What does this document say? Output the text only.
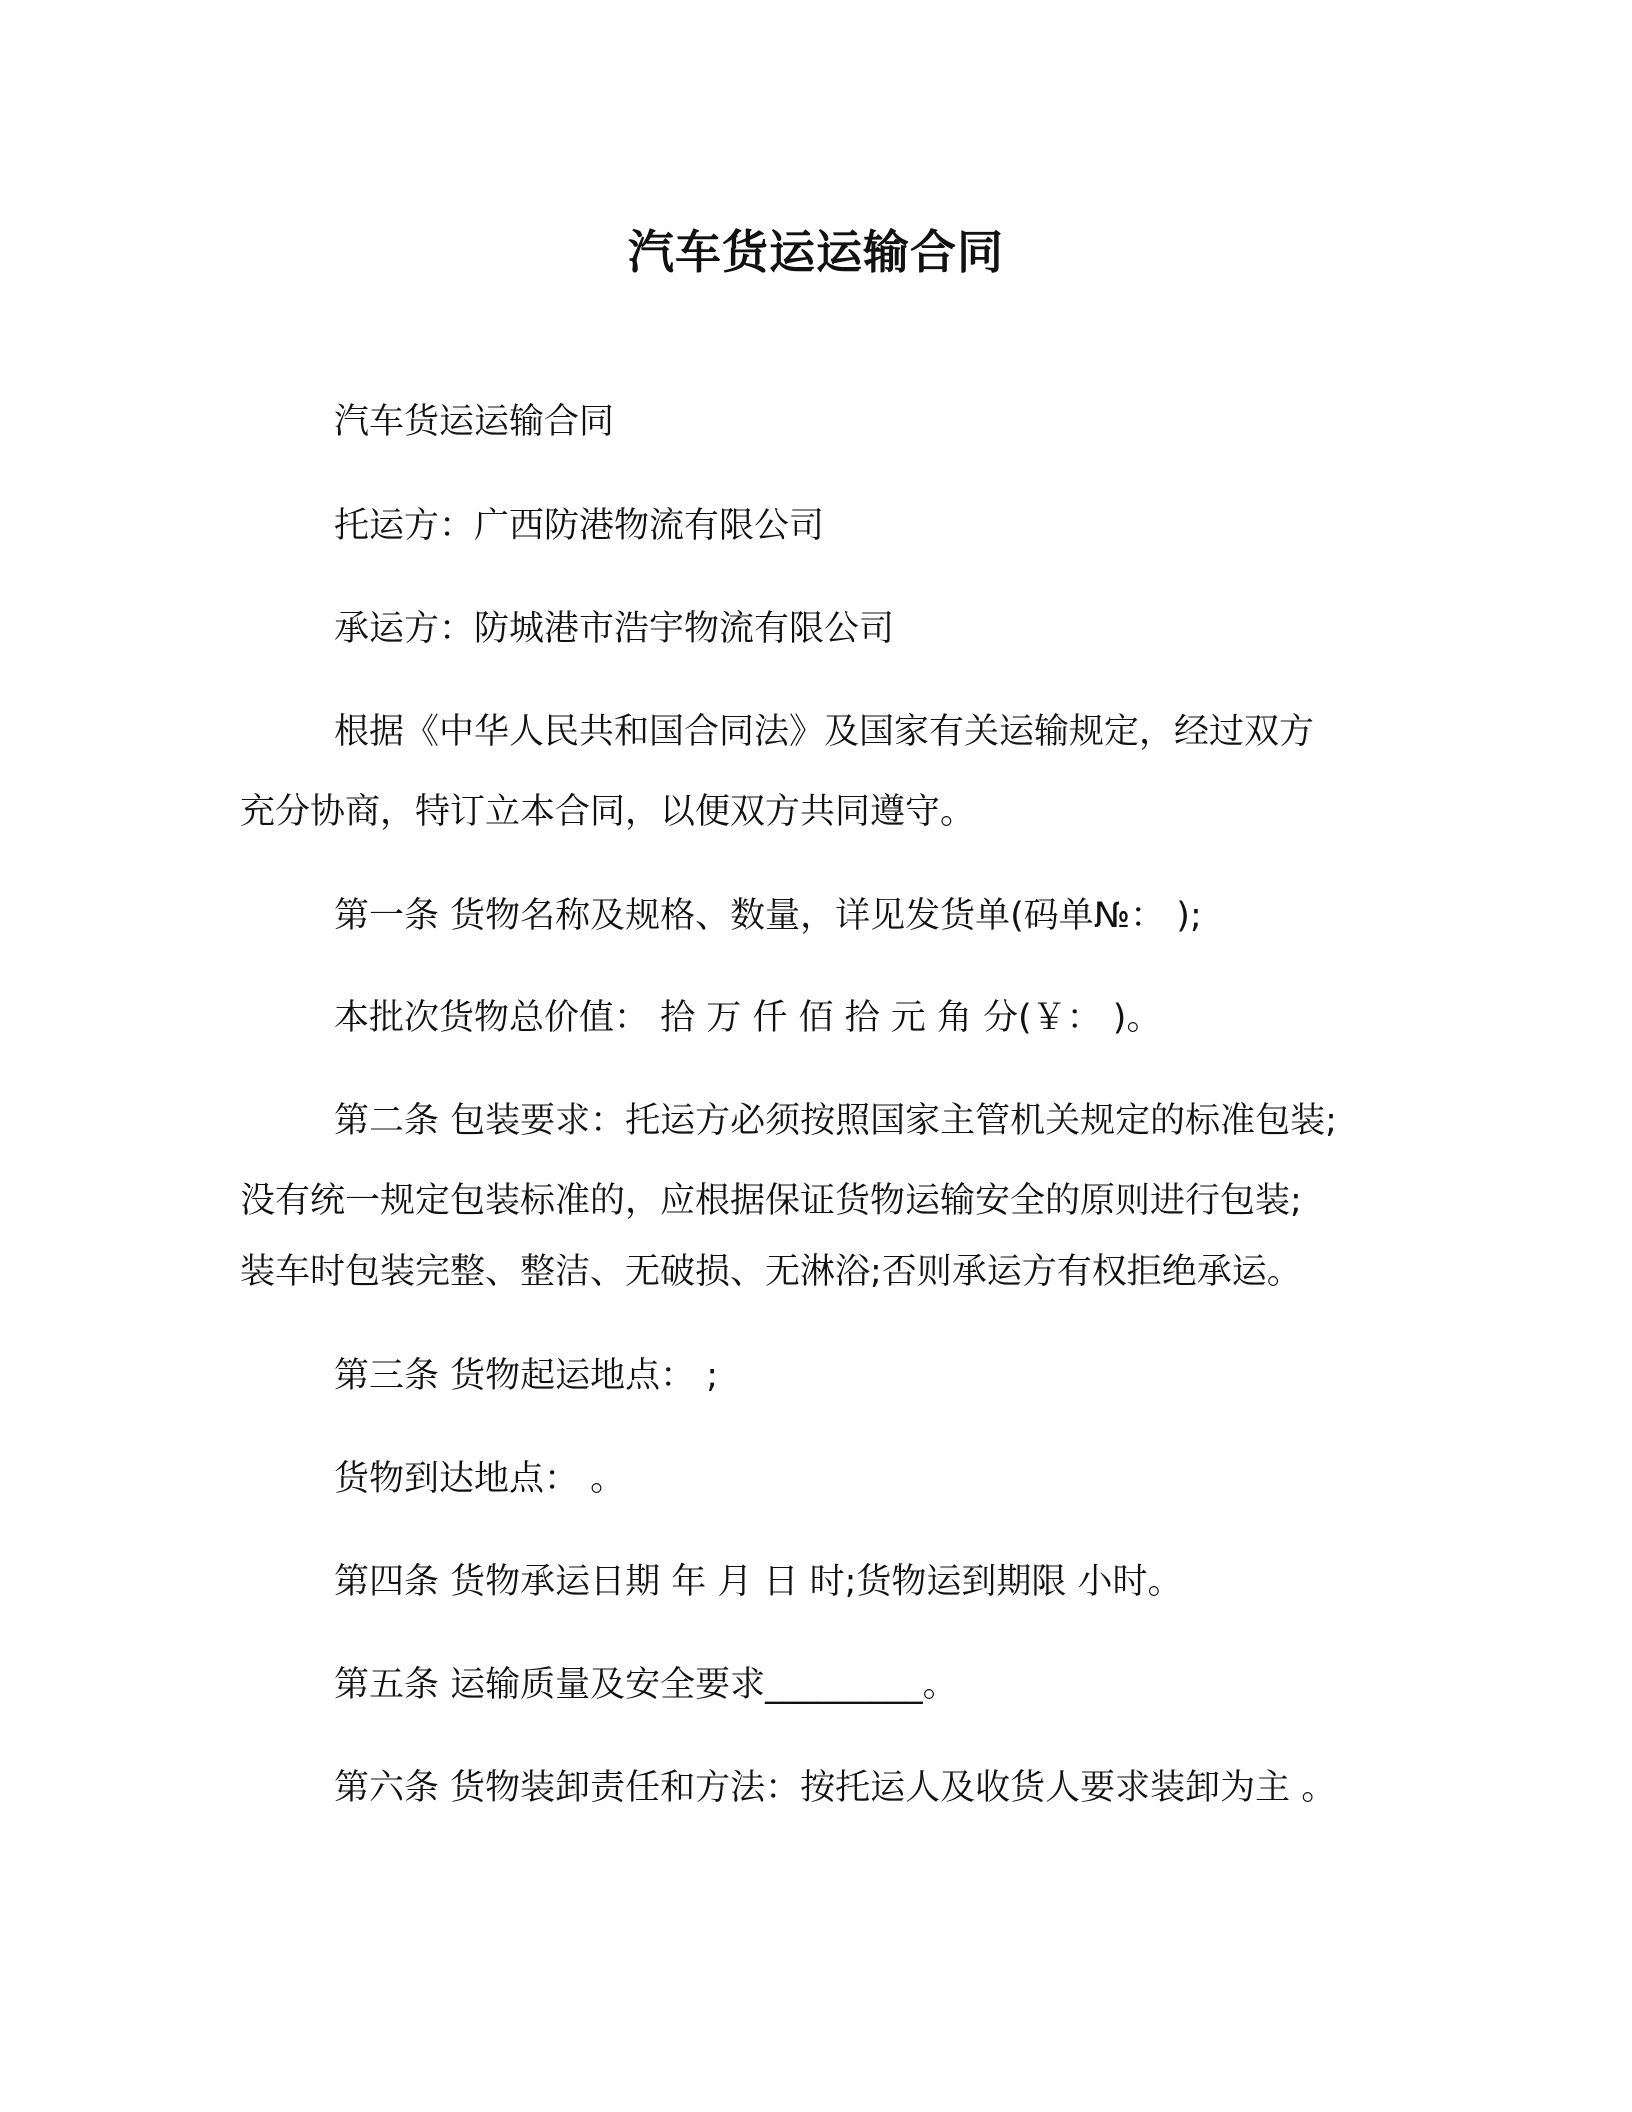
汽车货运运输合同
汽车货运运输合同
托运方：广西防港物流有限公司
承运方：防城港市浩宇物流有限公司
根据《中华人民共和国合同法》及国家有关运输规定，经过双方
充分协商，特订立本合同，以便双方共同遵守。
第一条 货物名称及规格、数量，详见发货单(码单№： );
本批次货物总价值： 拾 万 仟 佰 拾 元 角 分(￥： )。
第二条 包装要求：托运方必须按照国家主管机关规定的标准包装;
没有统一规定包装标准的，应根据保证货物运输安全的原则进行包装;
装车时包装完整、整洁、无破损、无淋浴;否则承运方有权拒绝承运。
第三条 货物起运地点： ;
货物到达地点： 。
第四条 货物承运日期 年 月 日 时;货物运到期限 小时。
第五条 运输质量及安全要求_________。
第六条 货物装卸责任和方法：按托运人及收货人要求装卸为主 。
